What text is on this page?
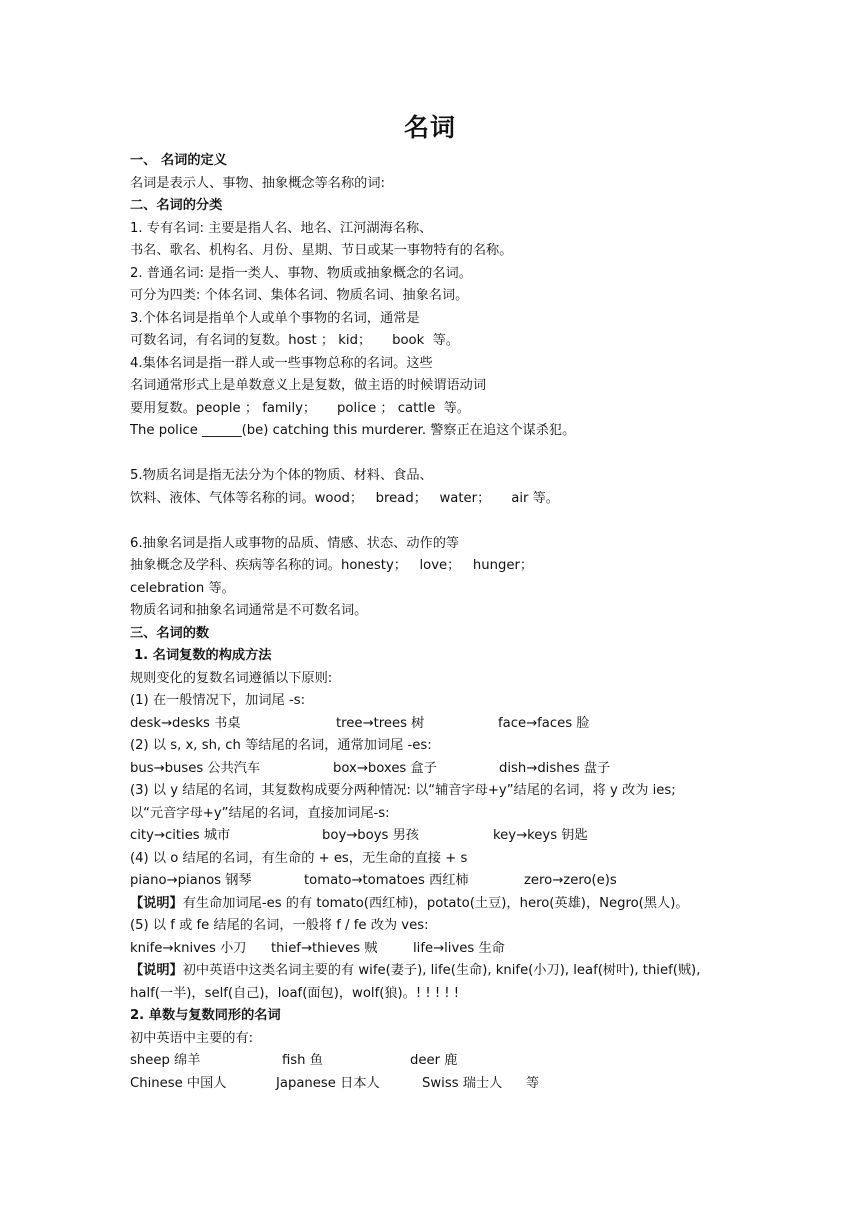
名词
一、 名词的定义
名词是表示人、事物、抽象概念等名称的词:
二、名词的分类
1. 专有名词: 主要是指人名、地名、江河湖海名称、
书名、歌名、机构名、月份、星期、节日或某一事物特有的名称。
2. 普通名词: 是指一类人、事物、物质或抽象概念的名词。
可分为四类: 个体名词、集体名词、物质名词、抽象名词。
3.个体名词是指单个人或单个事物的名词，通常是
可数名词，有名词的复数。host ； kid；     book  等。
4.集体名词是指一群人或一些事物总称的名词。这些
名词通常形式上是单数意义上是复数，做主语的时候谓语动词
要用复数。people ； family；     police ； cattle  等。
The police ______(be) catching this murderer. 警察正在追这个谋杀犯。
5.物质名词是指无法分为个体的物质、材料、食品、
饮料、液体、气体等名称的词。wood；   bread；   water；     air 等。
6.抽象名词是指人或事物的品质、情感、状态、动作的等
抽象概念及学科、疾病等名称的词。honesty；   love；   hunger；
celebration 等。
物质名词和抽象名词通常是不可数名词。
三、名词的数
1. 名词复数的构成方法
规则变化的复数名词遵循以下原则:
(1) 在一般情况下，加词尾 -s:
desk→desks 书桌	tree→trees 树	face→faces 脸
(2) 以 s, x, sh, ch 等结尾的名词，通常加词尾 -es:
bus→buses 公共汽车	box→boxes 盒子	dish→dishes 盘子
(3) 以 y 结尾的名词，其复数构成要分两种情况: 以“辅音字母+y”结尾的名词，将 y 改为 ies;
以“元音字母+y”结尾的名词，直接加词尾-s:
city→cities 城市	boy→boys 男孩	key→keys 钥匙
(4) 以 o 结尾的名词，有生命的 + es，无生命的直接 + s
piano→pianos 钢琴	tomato→tomatoes 西红柿	zero→zero(e)s
【说明】有生命加词尾-es 的有 tomato(西红柿)，potato(土豆)，hero(英雄)，Negro(黑人)。
(5) 以 f 或 fe 结尾的名词，一般将 f / fe 改为 ves:
knife→knives 小刀 thief→thieves 贼	life→lives 生命
【说明】初中英语中这类名词主要的有 wife(妻子), life(生命), knife(小刀), leaf(树叶), thief(贼),
half(一半)，self(自己)，loaf(面包)，wolf(狼)。! ! ! ! !
2. 单数与复数同形的名词
初中英语中主要的有:
sheep 绵羊	fish 鱼	deer 鹿
Chinese 中国人	Japanese 日本人	Swiss 瑞士人 等
